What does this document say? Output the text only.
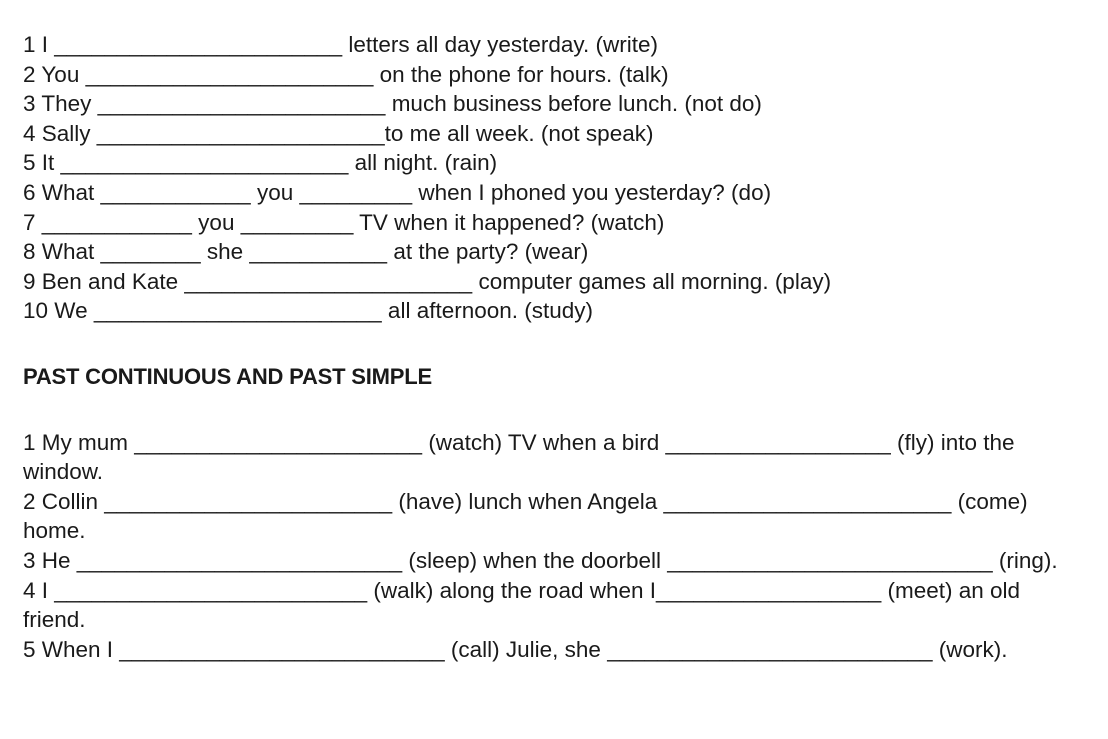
1 I _______________________ letters all day yesterday. (write)

2 You _______________________ on the phone for hours. (talk)

3 They _______________________ much business before lunch. (not do)

4 Sally _______________________to me all week. (not speak)

5 It _______________________ all night. (rain)

6 What ____________ you _________ when I phoned you yesterday? (do)

7 ____________ you _________ TV when it happened? (watch)

8 What ________ she ___________ at the party? (wear)

9 Ben and Kate _______________________ computer games all morning. (play)

10 We _______________________ all afternoon. (study)

PAST CONTINUOUS AND PAST SIMPLE

1 My mum _______________________ (watch) TV when a bird __________________ (fly) into the window.

2 Collin _______________________ (have) lunch when Angela _______________________ (come) home.

3 He __________________________ (sleep) when the doorbell __________________________ (ring).

4 I _________________________ (walk) along the road when I__________________ (meet) an old friend.

5 When I __________________________ (call) Julie, she __________________________ (work).
